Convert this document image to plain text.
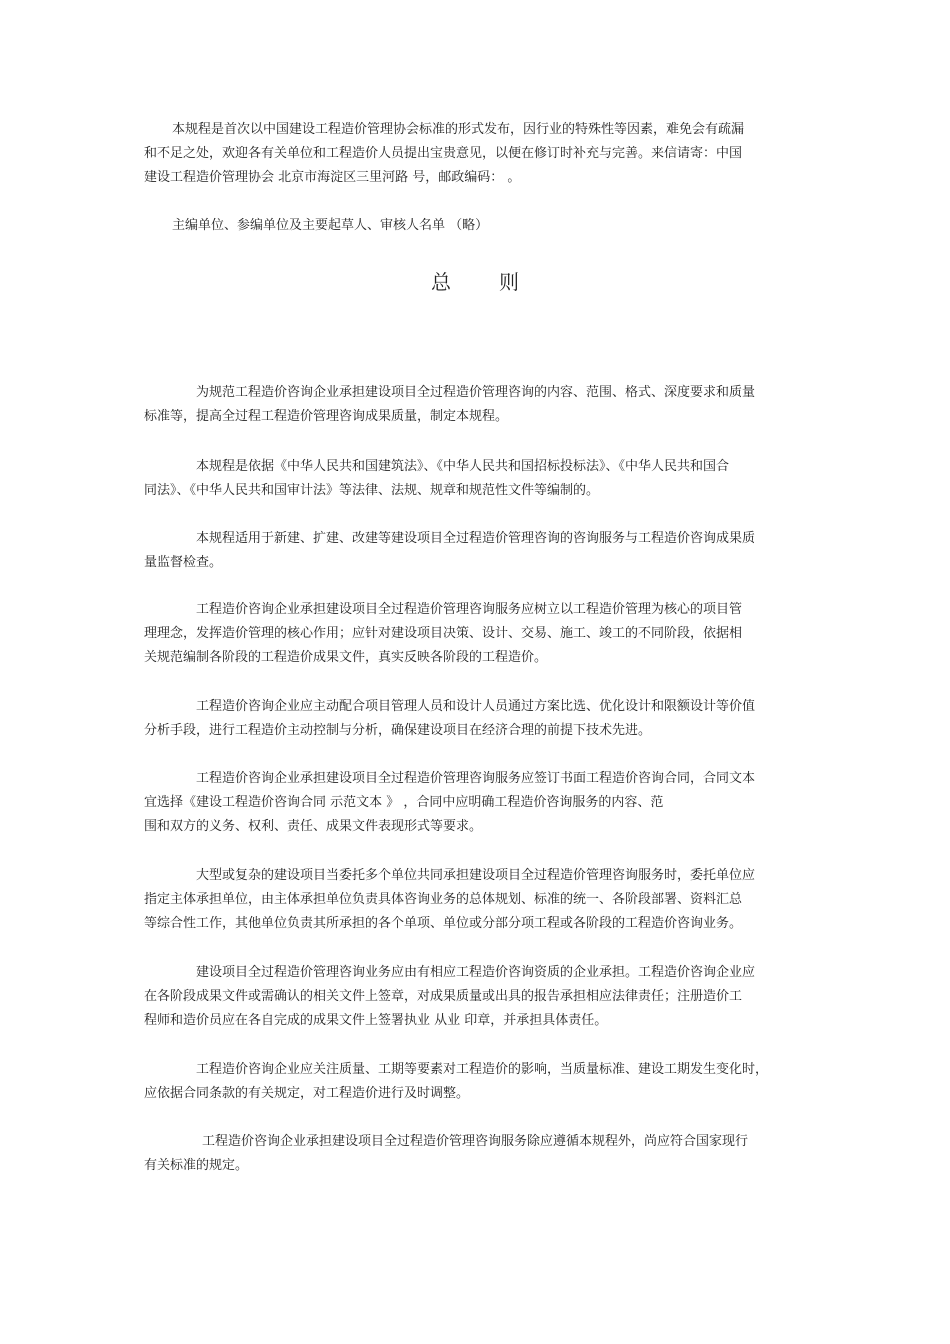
本规程是首次以中国建设工程造价管理协会标准的形式发布，因行业的特殊性等因素，难免会有疏漏
和不足之处，欢迎各有关单位和工程造价人员提出宝贵意见，以便在修订时补充与完善。来信请寄：中国
建设工程造价管理协会 北京市海淀区三里河路 号，邮政编码： 。
主编单位、参编单位及主要起草人、审核人名单 （略）
总 则
为规范工程造价咨询企业承担建设项目全过程造价管理咨询的内容、范围、格式、深度要求和质量
标准等，提高全过程工程造价管理咨询成果质量，制定本规程。
本规程是依据《中华人民共和国建筑法》、《中华人民共和国招标投标法》、《中华人民共和国合
同法》、《中华人民共和国审计法》等法律、法规、规章和规范性文件等编制的。
本规程适用于新建、扩建、改建等建设项目全过程造价管理咨询的咨询服务与工程造价咨询成果质
量监督检查。
工程造价咨询企业承担建设项目全过程造价管理咨询服务应树立以工程造价管理为核心的项目管
理理念，发挥造价管理的核心作用；应针对建设项目决策、设计、交易、施工、竣工的不同阶段，依据相
关规范编制各阶段的工程造价成果文件，真实反映各阶段的工程造价。
工程造价咨询企业应主动配合项目管理人员和设计人员通过方案比选、优化设计和限额设计等价值
分析手段，进行工程造价主动控制与分析，确保建设项目在经济合理的前提下技术先进。
工程造价咨询企业承担建设项目全过程造价管理咨询服务应签订书面工程造价咨询合同，合同文本
宜选择《建设工程造价咨询合同 示范文本 》 ，合同中应明确工程造价咨询服务的内容、范
围和双方的义务、权利、责任、成果文件表现形式等要求。
大型或复杂的建设项目当委托多个单位共同承担建设项目全过程造价管理咨询服务时，委托单位应
指定主体承担单位，由主体承担单位负责具体咨询业务的总体规划、标准的统一、各阶段部署、资料汇总
等综合性工作，其他单位负责其所承担的各个单项、单位或分部分项工程或各阶段的工程造价咨询业务。
建设项目全过程造价管理咨询业务应由有相应工程造价咨询资质的企业承担。工程造价咨询企业应
在各阶段成果文件或需确认的相关文件上签章，对成果质量或出具的报告承担相应法律责任；注册造价工
程师和造价员应在各自完成的成果文件上签署执业 从业 印章，并承担具体责任。
工程造价咨询企业应关注质量、工期等要素对工程造价的影响，当质量标准、建设工期发生变化时，
应依据合同条款的有关规定，对工程造价进行及时调整。
工程造价咨询企业承担建设项目全过程造价管理咨询服务除应遵循本规程外，尚应符合国家现行
有关标准的规定。
